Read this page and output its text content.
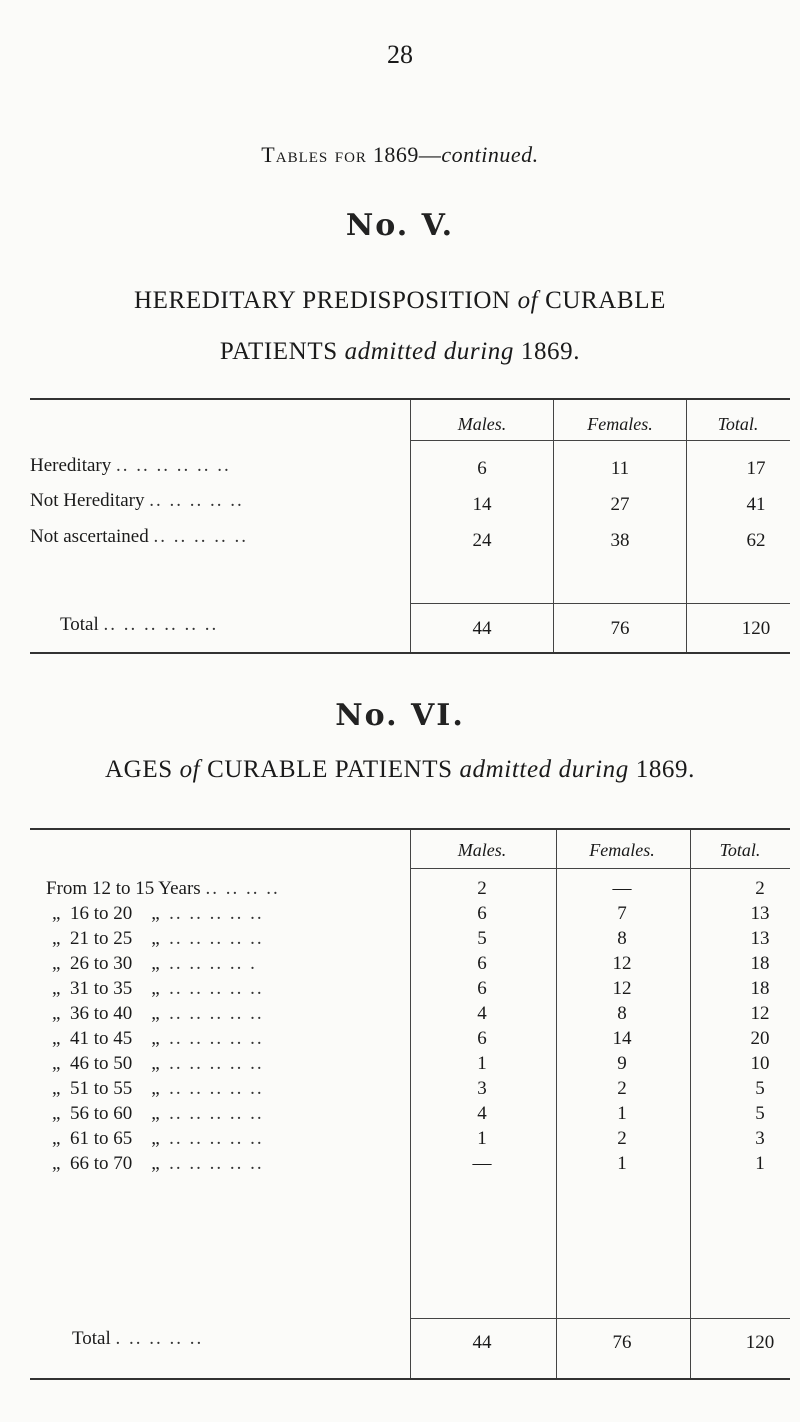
28
Tables for 1869—continued.
No. V.
HEREDITARY PREDISPOSITION of CURABLE
PATIENTS admitted during 1869.
Males.	Females.	Total.
Hereditary .. .. .. .. .. ..	6	11	17
Not Hereditary .. .. .. .. ..	14	27	41
Not ascertained .. .. .. .. ..	24	38	62
Total .. .. .. .. .. ..	44	76	120
No. VI.
AGES of CURABLE PATIENTS admitted during 1869.
Males.	Females.	Total.
From 12 to 15 Years .. .. .. ..	2	—	2
„ 16 to 20 „ .. .. .. .. ..	6	7	13
„ 21 to 25 „ .. .. .. .. ..	5	8	13
„ 26 to 30 „ .. .. .. .. .	6	12	18
„ 31 to 35 „ .. .. .. .. ..	6	12	18
„ 36 to 40 „ .. .. .. .. ..	4	8	12
„ 41 to 45 „ .. .. .. .. ..	6	14	20
„ 46 to 50 „ .. .. .. .. ..	1	9	10
„ 51 to 55 „ .. .. .. .. ..	3	2	5
„ 56 to 60 „ .. .. .. .. ..	4	1	5
„ 61 to 65 „ .. .. .. .. ..	1	2	3
„ 66 to 70 „ .. .. .. .. ..	—	1	1
Total . .. .. .. ..	44	76	120
